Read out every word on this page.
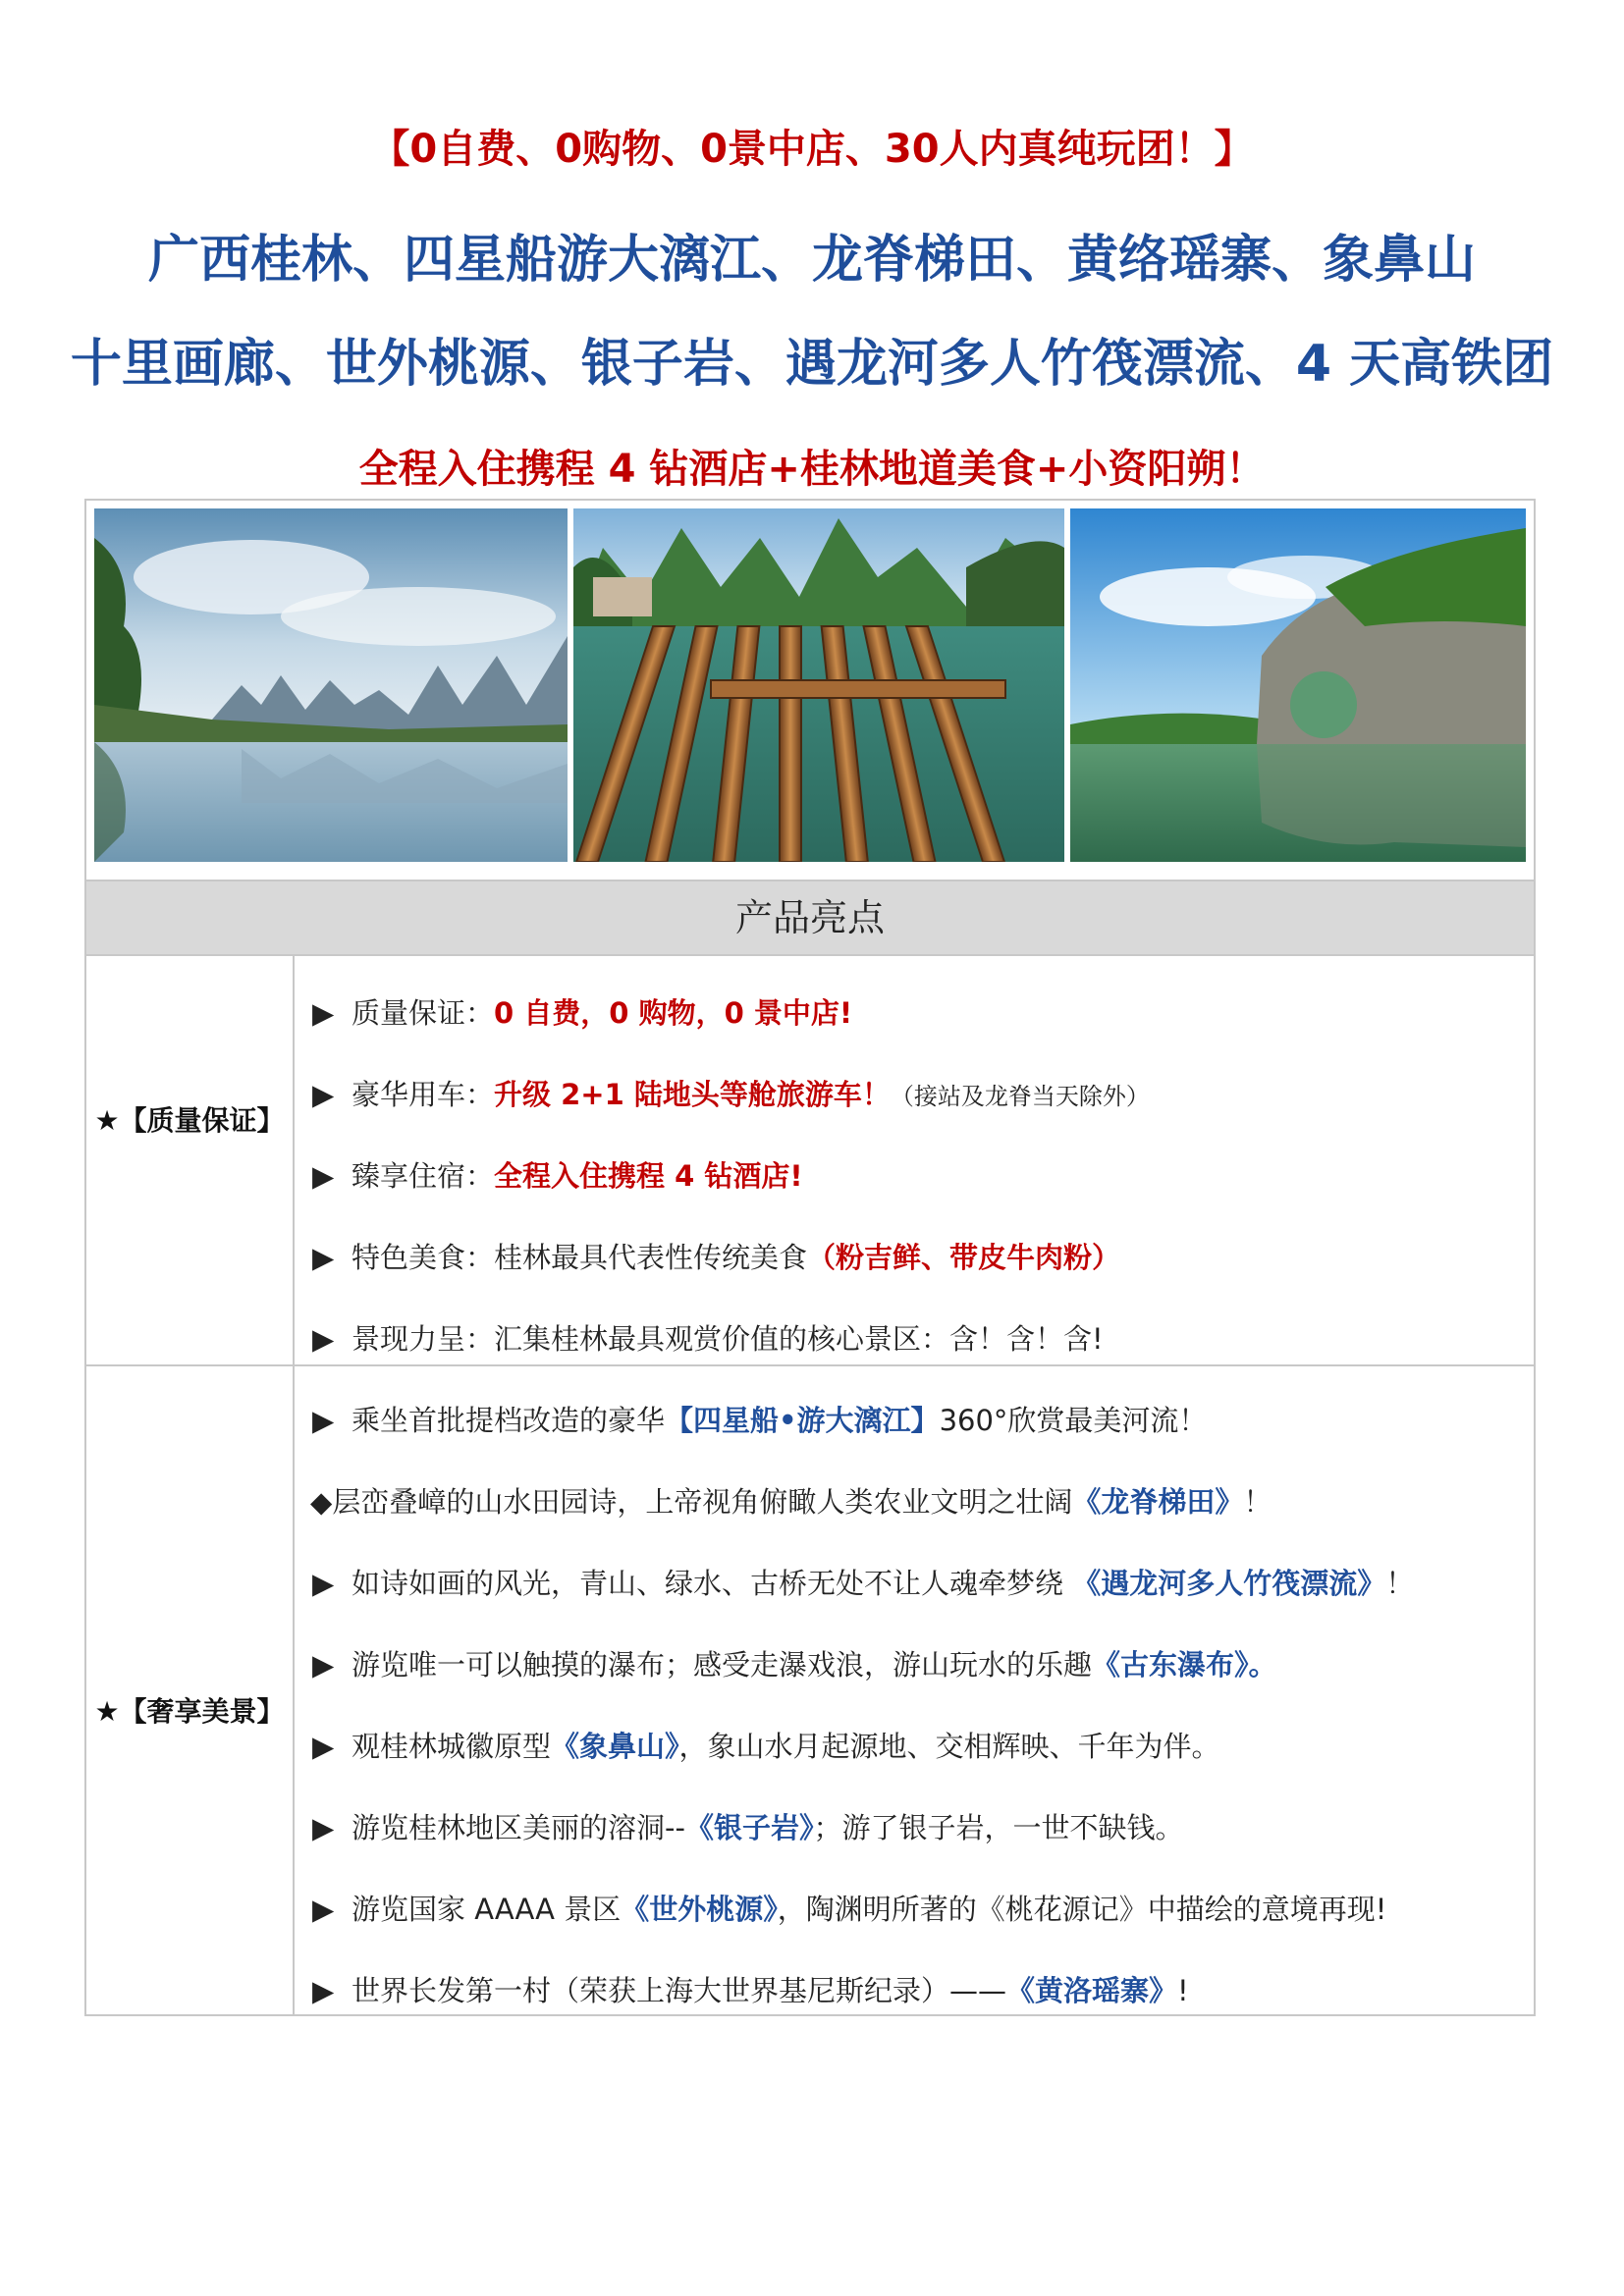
【0自费、0购物、0景中店、30人内真纯玩团！】
广西桂林、四星船游大漓江、龙脊梯田、黄络瑶寨、象鼻山
十里画廊、世外桃源、银子岩、遇龙河多人竹筏漂流、4 天高铁团
全程入住携程 4 钻酒店+桂林地道美食+小资阳朔！
产品亮点
★【质量保证】
▶ 质量保证：0 自费，0 购物，0 景中店!
▶ 豪华用车：升级 2+1 陆地头等舱旅游车！（接站及龙脊当天除外）
▶ 臻享住宿：全程入住携程 4 钻酒店!
▶ 特色美食：桂林最具代表性传统美食（粉吉鲜、带皮牛肉粉）
▶ 景现力呈：汇集桂林最具观赏价值的核心景区：含！含！含!
★【奢享美景】
▶ 乘坐首批提档改造的豪华【四星船•游大漓江】360°欣赏最美河流！
◆层峦叠嶂的山水田园诗，上帝视角俯瞰人类农业文明之壮阔《龙脊梯田》！
▶ 如诗如画的风光，青山、绿水、古桥无处不让人魂牵梦绕 《遇龙河多人竹筏漂流》！
▶ 游览唯一可以触摸的瀑布；感受走瀑戏浪，游山玩水的乐趣《古东瀑布》。
▶ 观桂林城徽原型《象鼻山》，象山水月起源地、交相辉映、千年为伴。
▶ 游览桂林地区美丽的溶洞--《银子岩》；游了银子岩，一世不缺钱。
▶ 游览国家 AAAA 景区《世外桃源》，陶渊明所著的《桃花源记》中描绘的意境再现!
▶ 世界长发第一村（荣获上海大世界基尼斯纪录）——《黄洛瑶寨》!
